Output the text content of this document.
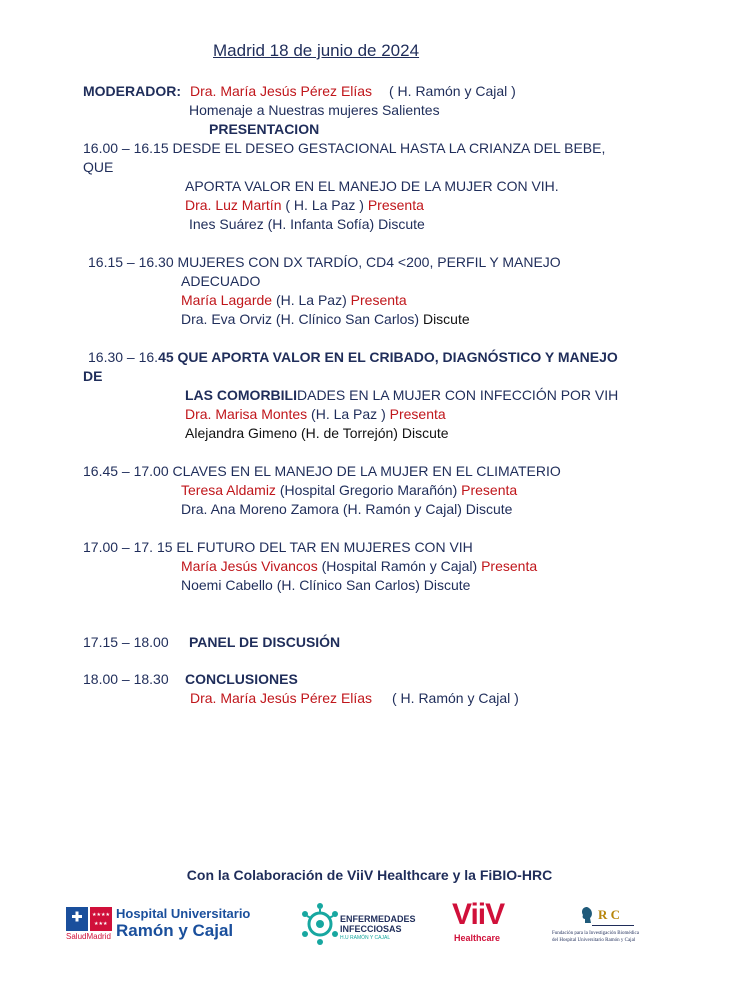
Madrid 18 de junio de 2024
MODERADOR: Dra. María Jesús Pérez Elías ( H. Ramón y Cajal )
Homenaje a Nuestras mujeres Salientes
PRESENTACION
16.00 – 16.15 DESDE EL DESEO GESTACIONAL HASTA LA CRIANZA DEL BEBE,
QUE
APORTA VALOR EN EL MANEJO DE LA MUJER CON VIH.
Dra. Luz Martín ( H. La Paz ) Presenta
Ines Suárez (H. Infanta Sofía) Discute
16.15 – 16.30 MUJERES CON DX TARDÍO, CD4 <200, PERFIL Y MANEJO
ADECUADO
María Lagarde (H. La Paz) Presenta
Dra. Eva Orviz (H. Clínico San Carlos) Discute
16.30 – 16.45 QUE APORTA VALOR EN EL CRIBADO, DIAGNÓSTICO Y MANEJO
DE
LAS COMORBILIDADES EN LA MUJER CON INFECCIÓN POR VIH
Dra. Marisa Montes (H. La Paz ) Presenta
Alejandra Gimeno (H. de Torrejón) Discute
16.45 – 17.00 CLAVES EN EL MANEJO DE LA MUJER EN EL CLIMATERIO
Teresa Aldamiz (Hospital Gregorio Marañón) Presenta
Dra. Ana Moreno Zamora (H. Ramón y Cajal) Discute
17.00 – 17. 15 EL FUTURO DEL TAR EN MUJERES CON VIH
María Jesús Vivancos (Hospital Ramón y Cajal) Presenta
Noemi Cabello (H. Clínico San Carlos) Discute
17.15 – 18.00 PANEL DE DISCUSIÓN
18.00 – 18.30 CONCLUSIONES
Dra. María Jesús Pérez Elías ( H. Ramón y Cajal )
Con la Colaboración de ViiV Healthcare y la FiBIO-HRC
★★★★
★★★
SaludMadrid
Hospital Universitario
Ramón y Cajal
ENFERMEDADES
INFECCIOSAS
H.U RAMÓN Y CAJAL
ViiV
Healthcare
R C
Fundación para la Investigación Biomédica
del Hospital Universitario Ramón y Cajal
